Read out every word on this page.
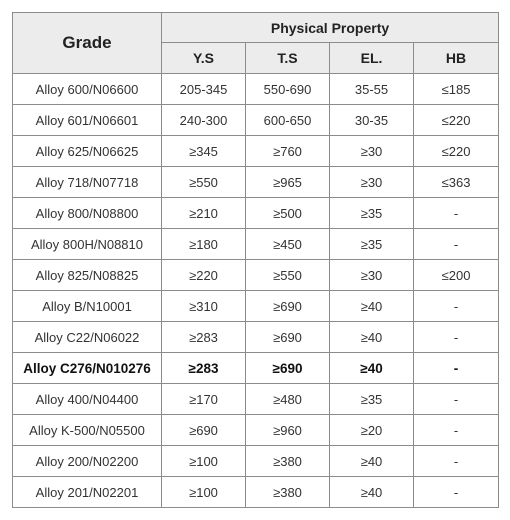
Grade	Physical Property			
	Y.S	T.S	EL.	HB
Alloy 600/N06600	205-345	550-690	35-55	≤185
Alloy 601/N06601	240-300	600-650	30-35	≤220
Alloy 625/N06625	≥345	≥760	≥30	≤220
Alloy 718/N07718	≥550	≥965	≥30	≤363
Alloy 800/N08800	≥210	≥500	≥35	-
Alloy 800H/N08810	≥180	≥450	≥35	-
Alloy 825/N08825	≥220	≥550	≥30	≤200
Alloy B/N10001	≥310	≥690	≥40	-
Alloy C22/N06022	≥283	≥690	≥40	-
Alloy C276/N010276	≥283	≥690	≥40	-
Alloy 400/N04400	≥170	≥480	≥35	-
Alloy K-500/N05500	≥690	≥960	≥20	-
Alloy 200/N02200	≥100	≥380	≥40	-
Alloy 201/N02201	≥100	≥380	≥40	-
